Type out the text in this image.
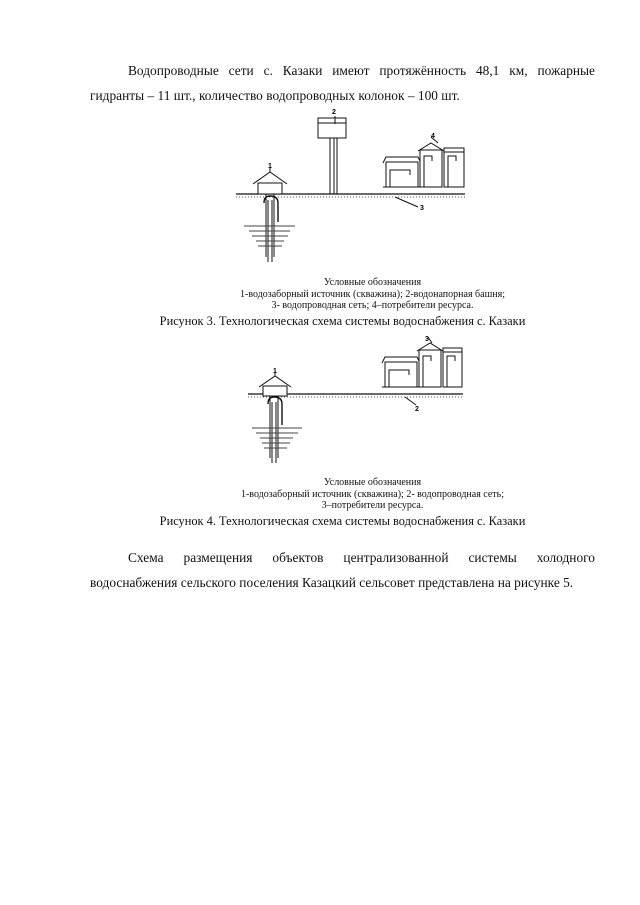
Водопроводные сети с. Казаки имеют протяжённость 48,1 км, пожарные гидранты – 11 шт., количество водопроводных колонок – 100 шт.
1
2
3
4
Условные обозначения
1-водозаборный источник (скважина); 2-водонапорная башня;
3- водопроводная сеть; 4–потребители ресурса.
Рисунок 3. Технологическая схема системы водоснабжения с. Казаки
1
2
3
Условные обозначения
1-водозаборный источник (скважина); 2- водопроводная сеть;
3–потребители ресурса.
Рисунок 4. Технологическая схема системы водоснабжения с. Казаки
Схема размещения объектов централизованной системы холодного водоснабжения сельского поселения Казацкий сельсовет представлена на рисунке 5.
